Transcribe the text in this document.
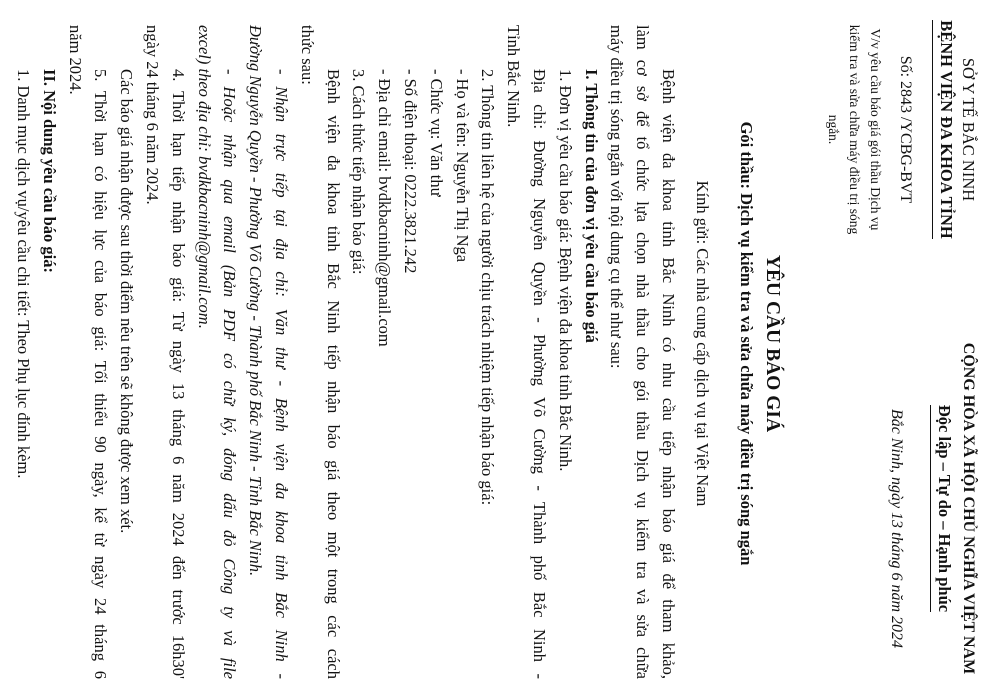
SỞ Y TẾ BẮC NINH
BỆNH VIỆN ĐA KHOA TỈNH
Số: 2843 /YCBG-BVT
V/v yêu cầu báo giá gói thầu Dịch vụ kiểm tra và sửa chữa máy điều trị sóng ngắn.
CỘNG HÒA XÃ HỘI CHỦ NGHĨA VIỆT NAM
Độc lập – Tự do – Hạnh phúc
Bắc Ninh, ngày 13 tháng 6 năm 2024
YÊU CẦU BÁO GIÁ
Gói thầu: Dịch vụ kiểm tra và sửa chữa máy điều trị sóng ngắn
Kính gửi: Các nhà cung cấp dịch vụ tại Việt Nam
Bệnh viện đa khoa tỉnh Bắc Ninh có nhu cầu tiếp nhận báo giá để tham khảo,
làm cơ sở để tổ chức lựa chọn nhà thầu cho gói thầu Dịch vụ kiểm tra và sửa chữa
máy điều trị sóng ngắn với nội dung cụ thể như sau:
I. Thông tin của đơn vị yêu cầu báo giá
1. Đơn vị yêu cầu báo giá: Bệnh viện đa khoa tỉnh Bắc Ninh.
Địa chỉ: Đường Nguyễn Quyền - Phường Võ Cường - Thành phố Bắc Ninh -
Tỉnh Bắc Ninh.
2. Thông tin liên hệ của người chịu trách nhiệm tiếp nhận báo giá:
- Họ và tên: Nguyễn Thị Nga
- Chức vụ: Văn thư
- Số điện thoại: 0222.3821.242
- Địa chỉ email: bvdkbacninh@gmail.com
3. Cách thức tiếp nhận báo giá:
Bệnh viện đa khoa tỉnh Bắc Ninh tiếp nhận báo giá theo một trong các cách
thức sau:
- Nhận trực tiếp tại địa chỉ: Văn thư - Bệnh viện đa khoa tỉnh Bắc Ninh -
Đường Nguyễn Quyền - Phường Võ Cường - Thành phố Bắc Ninh - Tỉnh Bắc Ninh.
- Hoặc nhận qua email (Bản PDF có chữ ký, đóng dấu đỏ Công ty và file
excel) theo địa chỉ: bvdkbacninh@gmail.com.
4. Thời hạn tiếp nhận báo giá: Từ ngày 13 tháng 6 năm 2024 đến trước 16h30'
ngày 24 tháng 6 năm 2024.
Các báo giá nhận được sau thời điểm nêu trên sẽ không được xem xét.
5. Thời hạn có hiệu lực của báo giá: Tối thiểu 90 ngày, kể từ ngày 24 tháng 6
năm 2024.
II. Nội dung yêu cầu báo giá:
1. Danh mục dịch vụ/yêu cầu chi tiết: Theo Phụ lục đính kèm.
